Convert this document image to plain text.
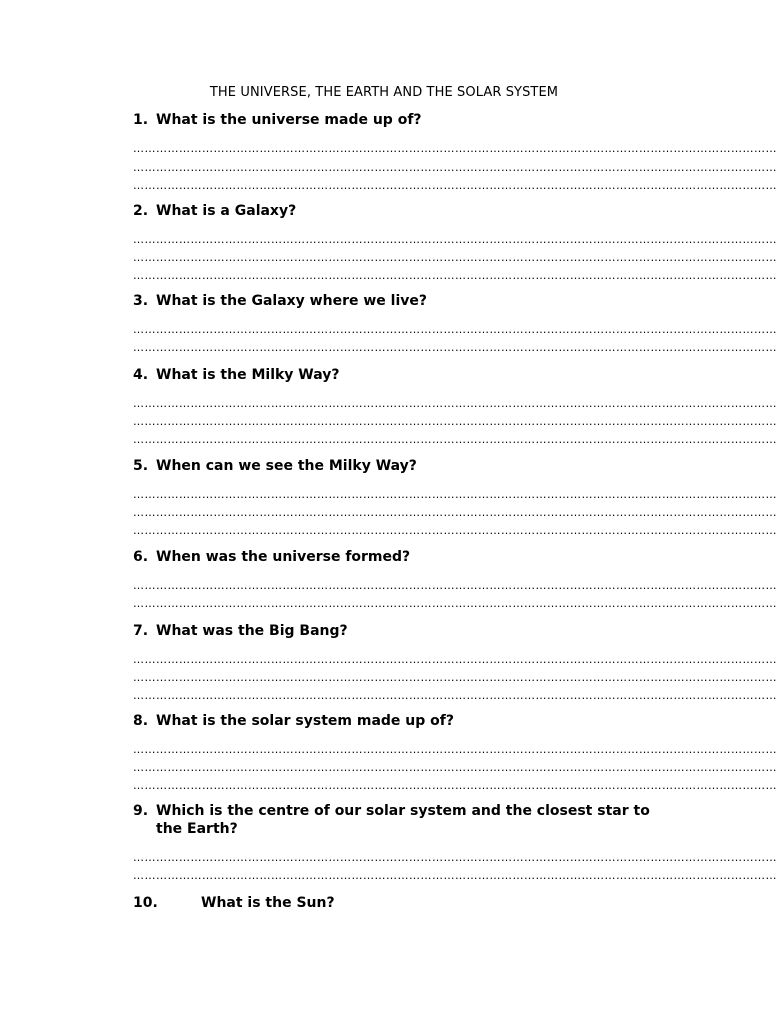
THE UNIVERSE, THE EARTH AND THE SOLAR SYSTEM
1. What is the universe made up of?
……………………………………………………………………………………………………………………………………………………
……………………………………………………………………………………………………………………………………………………
……………………………………………………………………………………………………………………………………………………
2. What is a Galaxy?
……………………………………………………………………………………………………………………………………………………
……………………………………………………………………………………………………………………………………………………
……………………………………………………………………………………………………………………………………………………
3. What is the Galaxy where we live?
……………………………………………………………………………………………………………………………………………………
……………………………………………………………………………………………………………………………………………………
4. What is the Milky Way?
……………………………………………………………………………………………………………………………………………………
……………………………………………………………………………………………………………………………………………………
……………………………………………………………………………………………………………………………………………………
5. When can we see the Milky Way?
……………………………………………………………………………………………………………………………………………………
……………………………………………………………………………………………………………………………………………………
……………………………………………………………………………………………………………………………………………………
6. When was the universe formed?
……………………………………………………………………………………………………………………………………………………
……………………………………………………………………………………………………………………………………………………
7. What was the Big Bang?
……………………………………………………………………………………………………………………………………………………
……………………………………………………………………………………………………………………………………………………
……………………………………………………………………………………………………………………………………………………
8. What is the solar system made up of?
……………………………………………………………………………………………………………………………………………………
……………………………………………………………………………………………………………………………………………………
……………………………………………………………………………………………………………………………………………………
9. Which is the centre of our solar system and the closest star to the Earth?
……………………………………………………………………………………………………………………………………………………
……………………………………………………………………………………………………………………………………………………
10.	What is the Sun?
